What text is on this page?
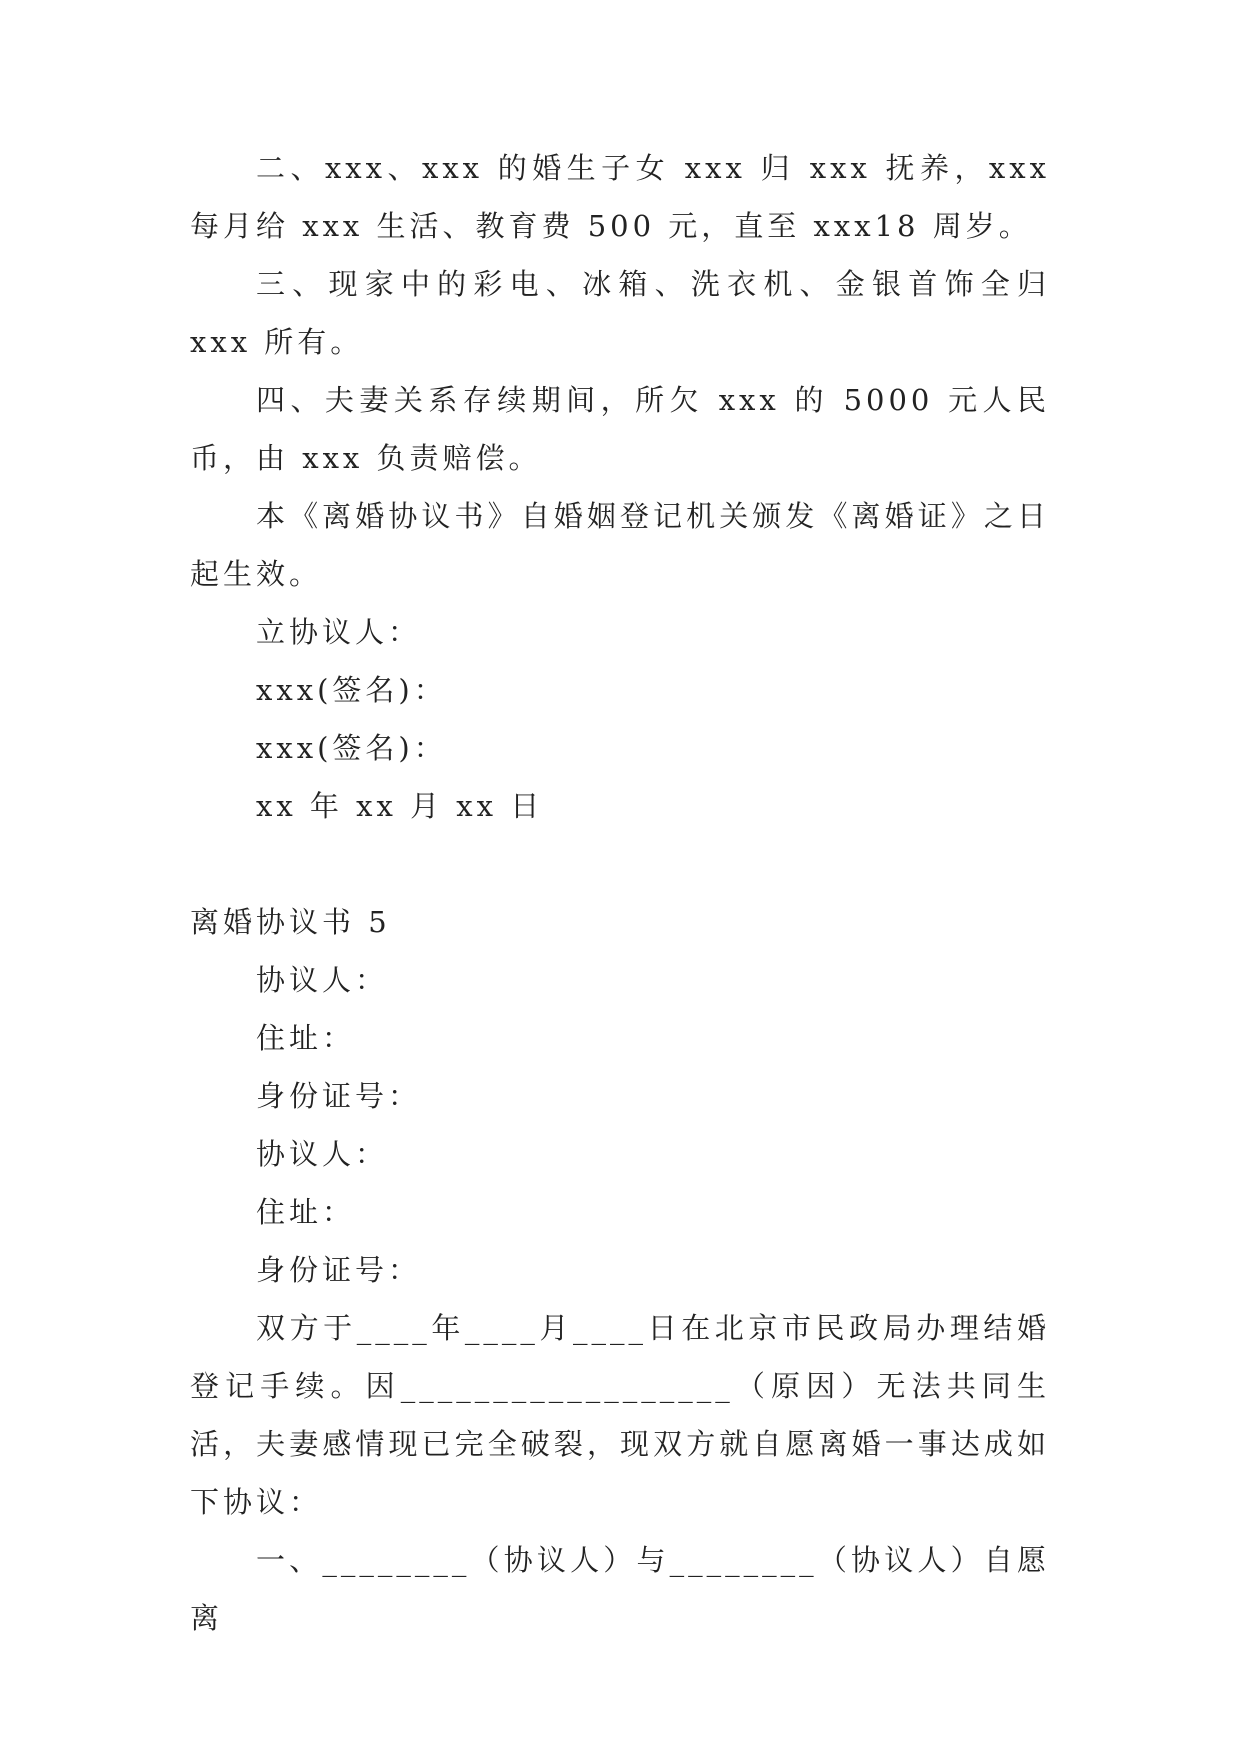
二、xxx、xxx 的婚生子女 xxx 归 xxx 抚养，xxx 每月给 xxx 生活、教育费 500 元，直至 xxx18 周岁。

三、现家中的彩电、冰箱、洗衣机、金银首饰全归 xxx 所有。

四、夫妻关系存续期间，所欠 xxx 的 5000 元人民币，由 xxx 负责赔偿。

本《离婚协议书》自婚姻登记机关颁发《离婚证》之日起生效。

立协议人：

xxx(签名)：

xxx(签名)：

xx 年 xx 月 xx 日

离婚协议书 5

协议人：

住址：

身份证号：

协议人：

住址：

身份证号：

双方于____年____月____日在北京市民政局办理结婚登记手续。因__________________（原因）无法共同生活，夫妻感情现已完全破裂，现双方就自愿离婚一事达成如下协议：

一、________（协议人）与________（协议人）自愿离
